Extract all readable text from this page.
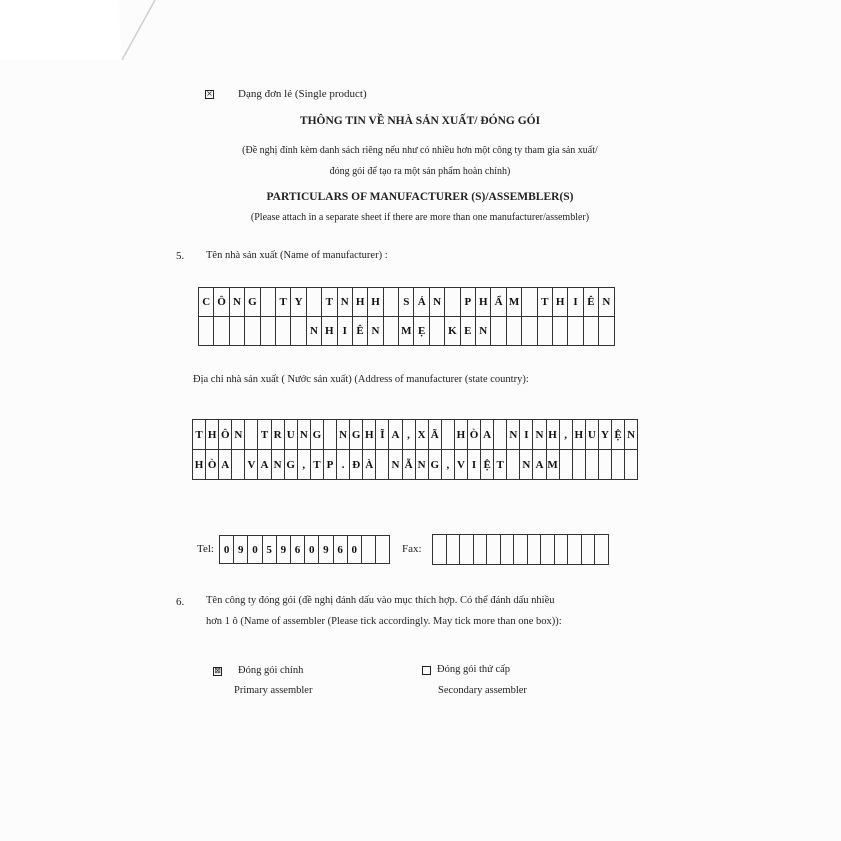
× Dạng đơn lẻ (Single product)
THÔNG TIN VỀ NHÀ SẢN XUẤT/ ĐÓNG GÓI
(Đề nghị đính kèm danh sách riêng nếu như có nhiều hơn một công ty tham gia sản xuất/
đóng gói để tạo ra một sản phẩm hoàn chỉnh)
PARTICULARS OF MANUFACTURER (S)/ASSEMBLER(S)
(Please attach in a separate sheet if there are more than one manufacturer/assembler)
5. Tên nhà sản xuất (Name of manufacturer) :
C	Ô	N	G		T	Y		T	N	H	H		S	Ả	N		P	H	Ẩ	M		T	H	I	Ê	N
							N	H	I	Ê	N		M	Ẹ		K	E	N								
Địa chỉ nhà sản xuất ( Nước sản xuất) (Address of manufacturer (state country):
T	H	Ô	N		T	R	U	N	G		N	G	H	Ĩ	A	,	X	Ã		H	Ò	A		N	I	N	H	,	H	U	Y	Ệ	N
H	Ò	A		V	A	N	G	,	T	P	.	Đ	À		N	Ẵ	N	G	,	V	I	Ệ	T		N	A	M						
Tel: 0	9	0	5	9	6	0	9	6	0			Fax:

6. Tên công ty đóng gói (đề nghị đánh dấu vào mục thích hợp. Có thể đánh dấu nhiều
hơn 1 ô (Name of assembler (Please tick accordingly. May tick more than one box)):
⊠ Đóng gói chính
Primary assembler
Đóng gói thứ cấp
Secondary assembler
